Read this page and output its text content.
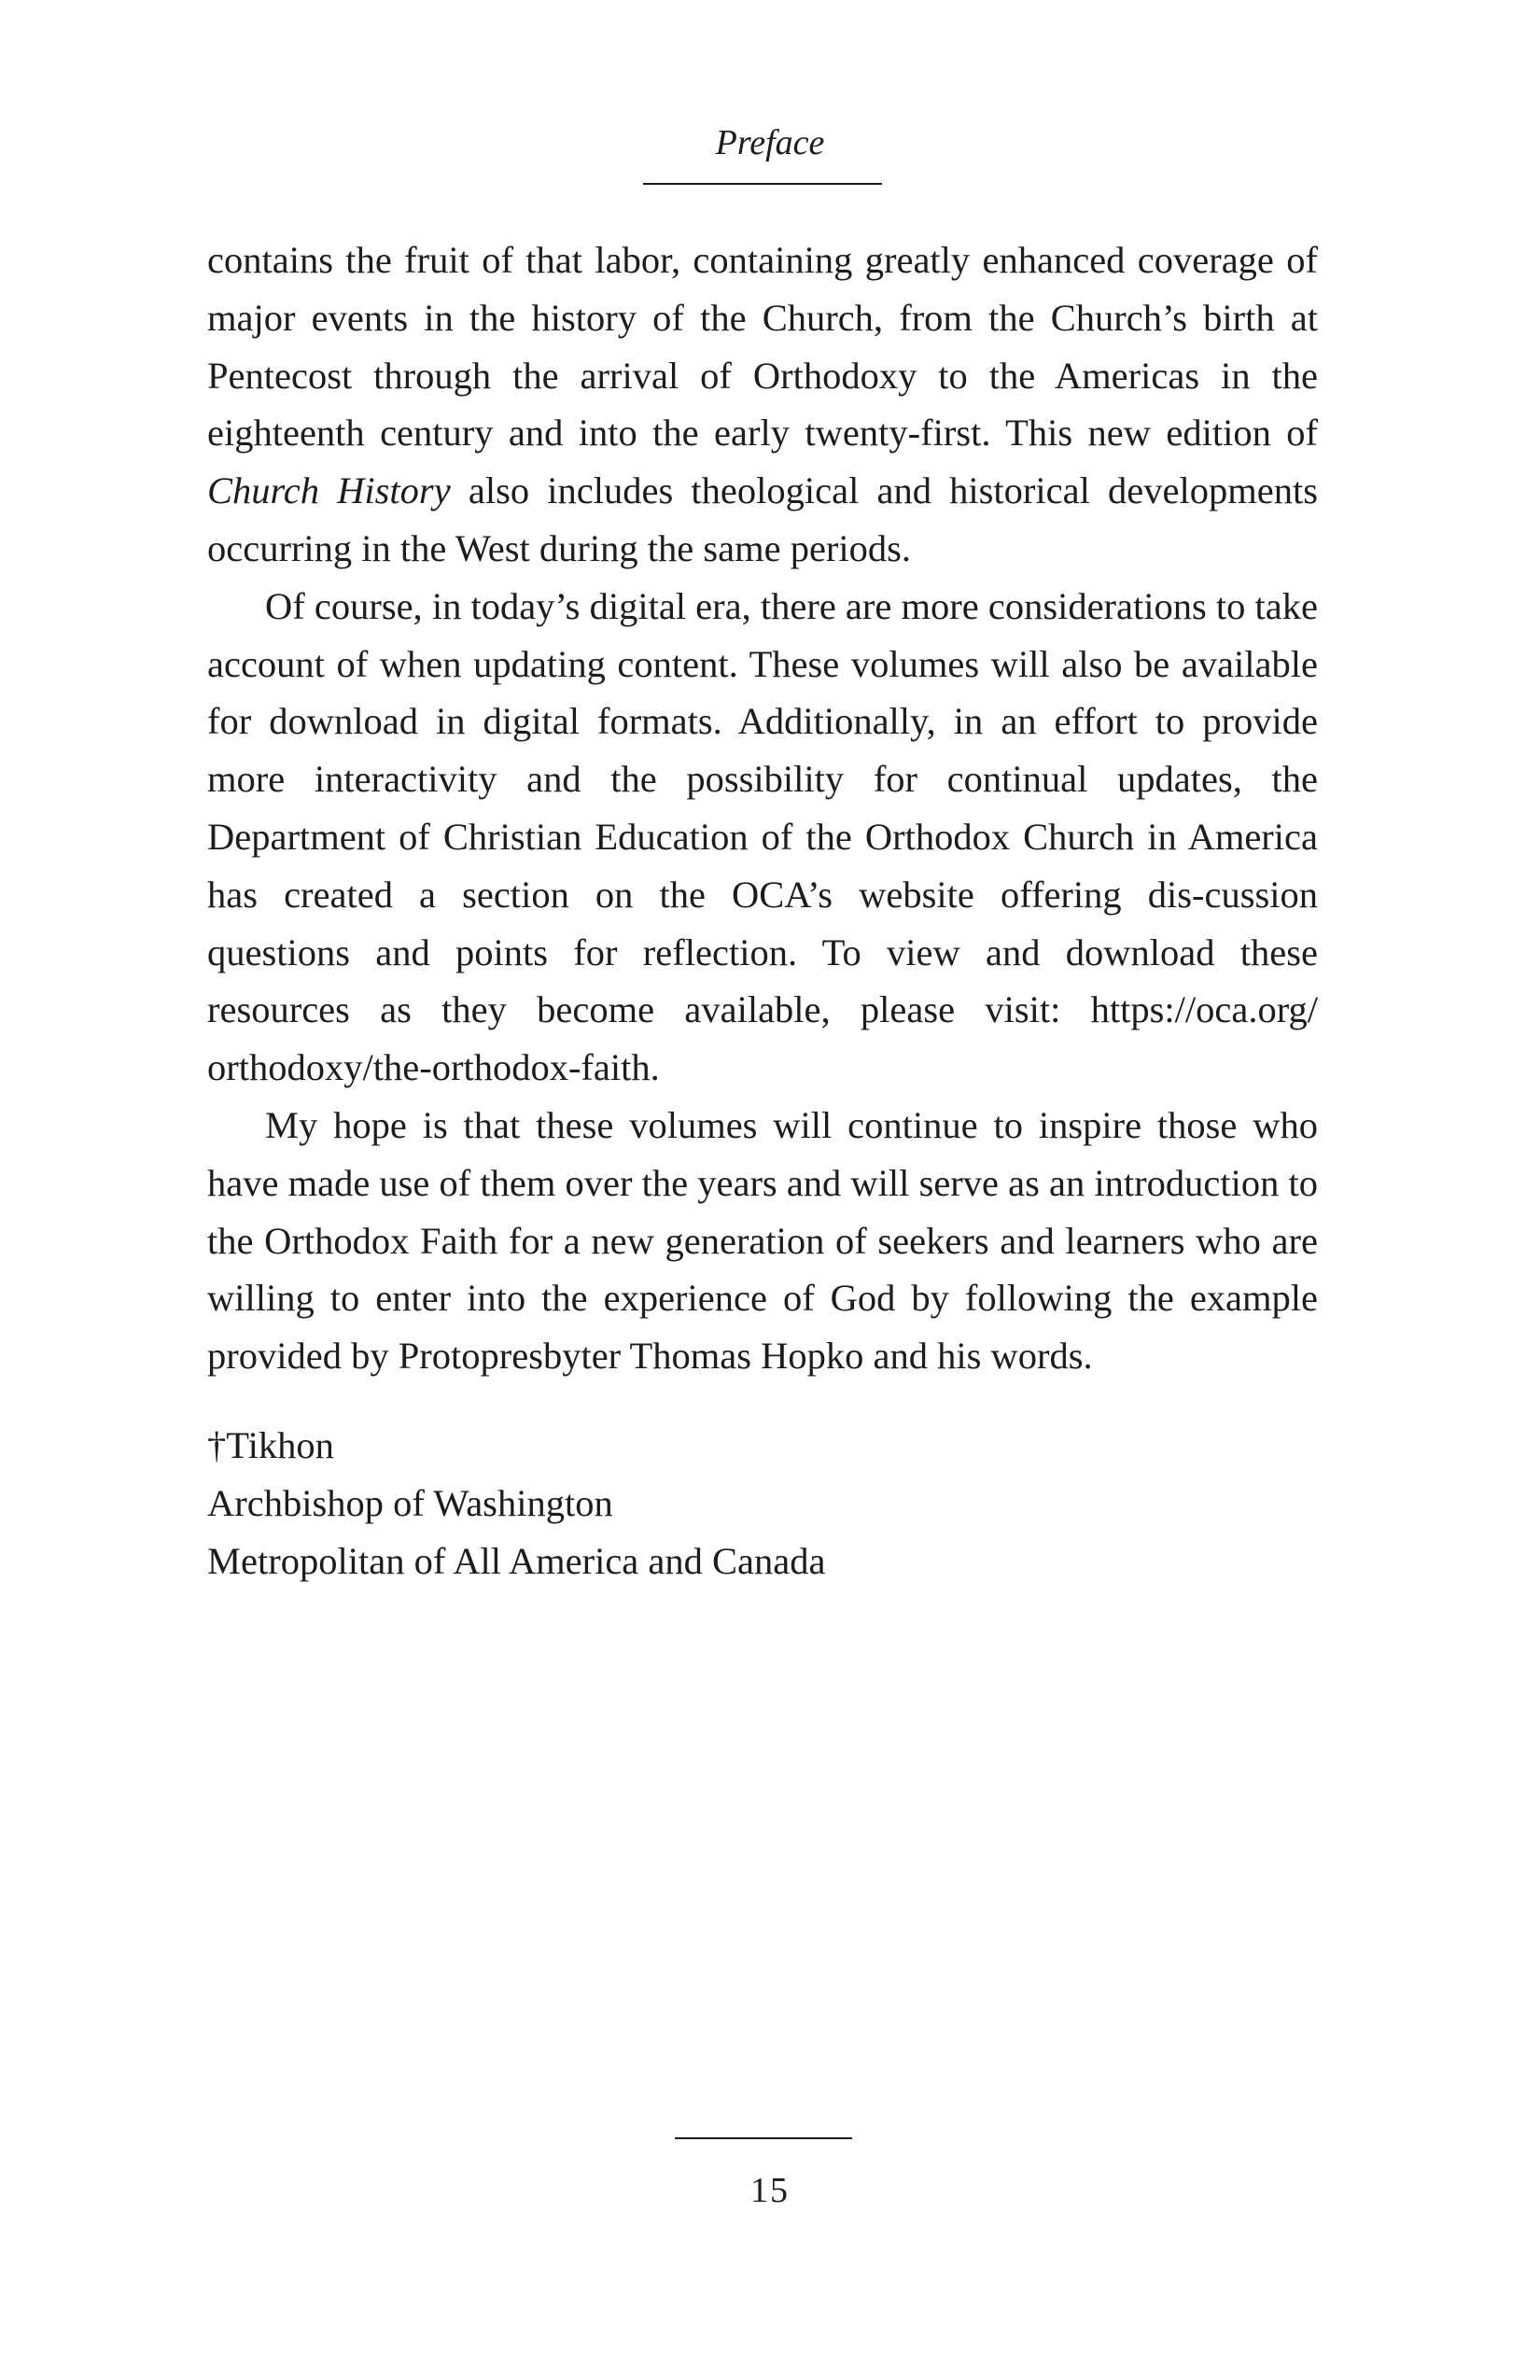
Preface

contains the fruit of that labor, containing greatly enhanced coverage of major events in the history of the Church, from the Church’s birth at Pentecost through the arrival of Orthodoxy to the Americas in the eighteenth century and into the early twenty-first. This new edition of Church History also includes theological and historical developments occurring in the West during the same periods.

Of course, in today’s digital era, there are more considerations to take account of when updating content. These volumes will also be available for download in digital formats. Additionally, in an effort to provide more interactivity and the possibility for continual updates, the Department of Christian Education of the Orthodox Church in America has created a section on the OCA’s website offering dis-cussion questions and points for reflection. To view and download these resources as they become available, please visit: https://oca.org/ orthodoxy/the-orthodox-faith.

My hope is that these volumes will continue to inspire those who have made use of them over the years and will serve as an introduction to the Orthodox Faith for a new generation of seekers and learners who are willing to enter into the experience of God by following the example provided by Protopresbyter Thomas Hopko and his words.

†Tikhon
Archbishop of Washington
Metropolitan of All America and Canada
15
